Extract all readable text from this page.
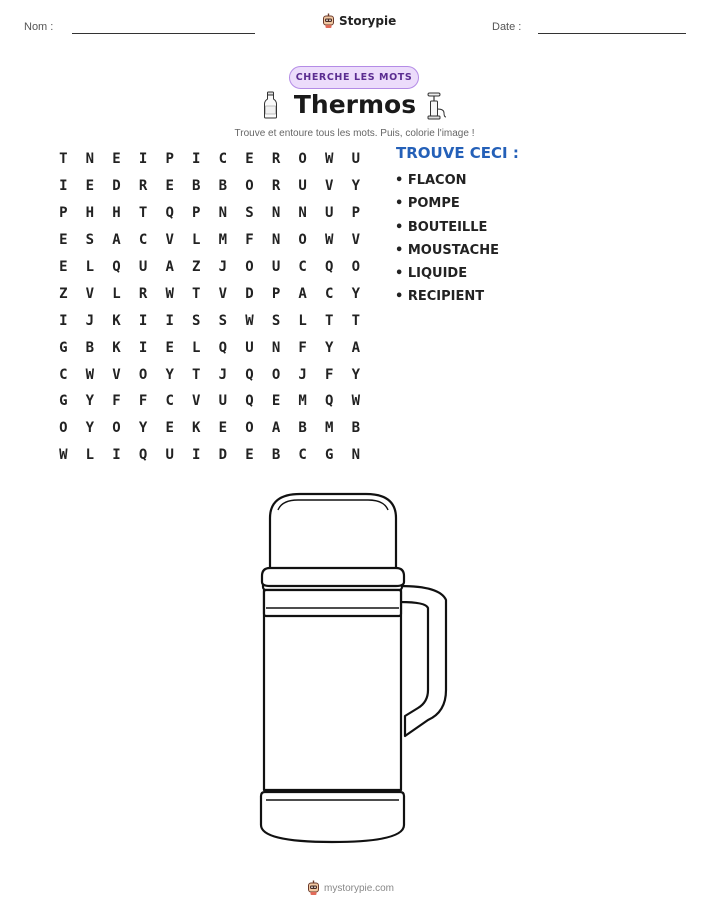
Nom :	Storypie	Date :
CHERCHE LES MOTS
Thermos
Trouve et entoure tous les mots. Puis, colorie l'image !
T	N	E	I	P	I	C	E	R	O	W	U
I	E	D	R	E	B	B	O	R	U	V	Y
P	H	H	T	Q	P	N	S	N	N	U	P
E	S	A	C	V	L	M	F	N	O	W	V
E	L	Q	U	A	Z	J	O	U	C	Q	O
Z	V	L	R	W	T	V	D	P	A	C	Y
I	J	K	I	I	S	S	W	S	L	T	T
G	B	K	I	E	L	Q	U	N	F	Y	A
C	W	V	O	Y	T	J	Q	O	J	F	Y
G	Y	F	F	C	V	U	Q	E	M	Q	W
O	Y	O	Y	E	K	E	O	A	B	M	B
W	L	I	Q	U	I	D	E	B	C	G	N
TROUVE CECI :
• FLACON
• POMPE
• BOUTEILLE
• MOUSTACHE
• LIQUIDE
• RECIPIENT
mystorypie.com
